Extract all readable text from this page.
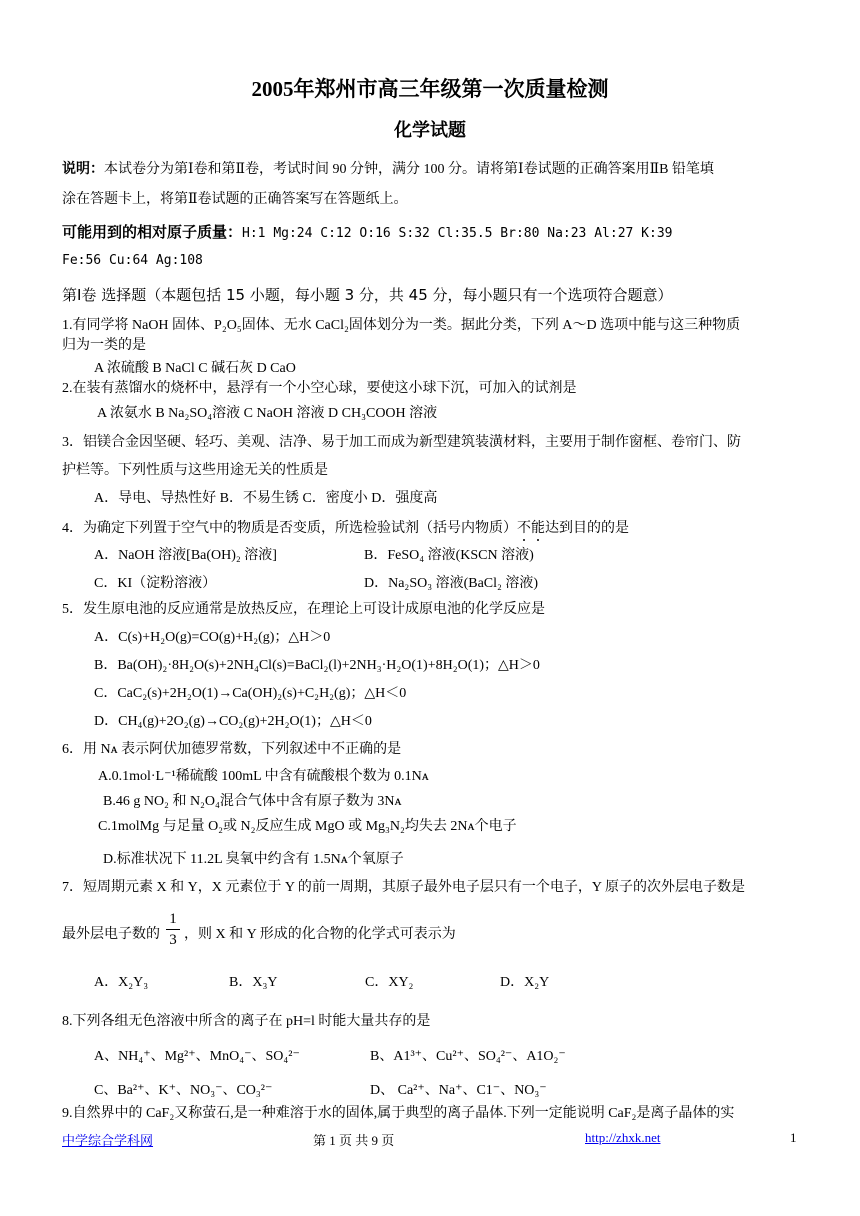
2005年郑州市高三年级第一次质量检测
化学试题
说明：本试卷分为第Ⅰ卷和第Ⅱ卷，考试时间 90 分钟，满分 100 分。请将第Ⅰ卷试题的正确答案用ⅡB 铅笔填
涂在答题卡上，将第Ⅱ卷试题的正确答案写在答题纸上。
可能用到的相对原子质量：H:1 Mg:24 C:12 O:16 S:32 Cl:35.5 Br:80 Na:23 Al:27 K:39
Fe:56 Cu:64 Ag:108
第Ⅰ卷 选择题（本题包括 15 小题，每小题 3 分，共 45 分，每小题只有一个选项符合题意）
1.有同学将 NaOH 固体、P₂O₅固体、无水 CaCl₂固体划分为一类。据此分类，下列 A～D 选项中能与这三种物质
归为一类的是
A 浓硫酸 B NaCl C 碱石灰 D CaO
2.在装有蒸馏水的烧杯中，悬浮有一个小空心球，要使这小球下沉，可加入的试剂是
A 浓氨水 B Na₂SO₄溶液 C NaOH 溶液 D CH₃COOH 溶液
3．铝镁合金因坚硬、轻巧、美观、洁净、易于加工而成为新型建筑装潢材料，主要用于制作窗框、卷帘门、防
护栏等。下列性质与这些用途无关的性质是
A．导电、导热性好 B．不易生锈 C．密度小 D．强度高
4．为确定下列置于空气中的物质是否变质，所选检验试剂（括号内物质）不能达到目的的是
A．NaOH 溶液[Ba(OH)₂ 溶液]	B．FeSO₄ 溶液(KSCN 溶液)
C．KI（淀粉溶液）	D．Na₂SO₃ 溶液(BaCl₂ 溶液)
5．发生原电池的反应通常是放热反应，在理论上可设计成原电池的化学反应是
A．C(s)+H₂O(g)=CO(g)+H₂(g)；△H＞0
B．Ba(OH)₂·8H₂O(s)+2NH₄Cl(s)=BaCl₂(l)+2NH₃·H₂O(1)+8H₂O(1)；△H＞0
C．CaC₂(s)+2H₂O(1)→Ca(OH)₂(s)+C₂H₂(g)；△H＜0
D．CH₄(g)+2O₂(g)→CO₂(g)+2H₂O(1)；△H＜0
6．用 Nᴀ 表示阿伏加德罗常数，下列叙述中不正确的是
A.0.1mol·L⁻¹稀硫酸 100mL 中含有硫酸根个数为 0.1Nᴀ
B.46 g NO₂ 和 N₂O₄混合气体中含有原子数为 3Nᴀ
C.1molMg 与足量 O₂或 N₂反应生成 MgO 或 Mg₃N₂均失去 2Nᴀ个电子
D.标准状况下 11.2L 臭氧中约含有 1.5Nᴀ个氧原子
7．短周期元素 X 和 Y，X 元素位于 Y 的前一周期，其原子最外电子层只有一个电子，Y 原子的次外层电子数是
最外层电子数的
1
3 ，则 X 和 Y 形成的化合物的化学式可表示为
A．X₂Y₃	B．X₃Y	C．XY₂	D．X₂Y
8.下列各组无色溶液中所含的离子在 pH=l 时能大量共存的是
A、NH₄⁺、Mg²⁺、MnO₄⁻、SO₄²⁻	B、A1³⁺、Cu²⁺、SO₄²⁻、A1O₂⁻
C、Ba²⁺、K⁺、NO₃⁻、CO₃²⁻	D、 Ca²⁺、Na⁺、C1⁻、NO₃⁻
9.自然界中的 CaF₂又称萤石,是一种难溶于水的固体,属于典型的离子晶体.下列一定能说明 CaF₂是离子晶体的实
中学综合学科网	第 1 页 共 9 页	http://zhxk.net	1
